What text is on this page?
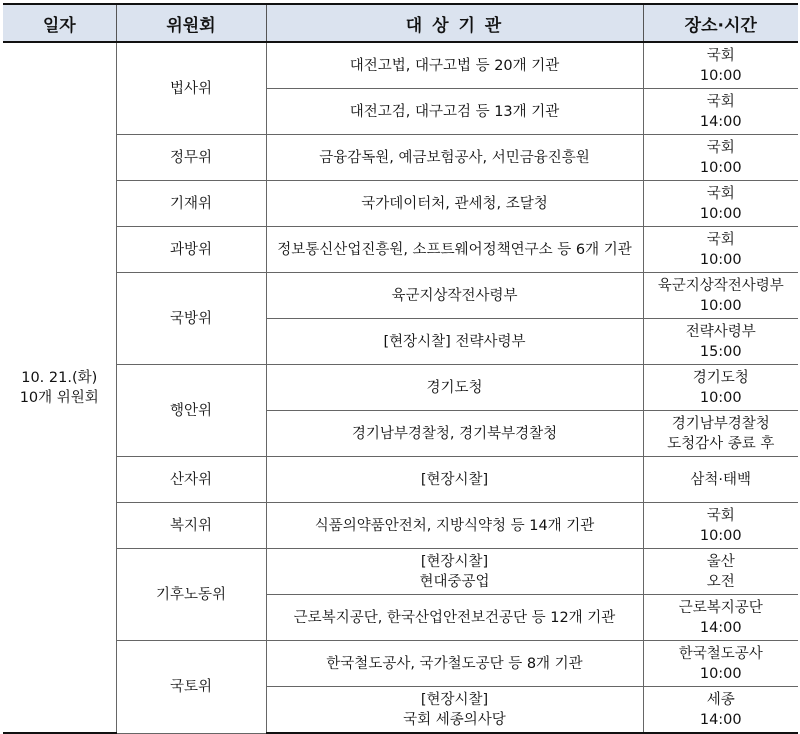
일자	위원회	대 상 기 관	장소·시간

10. 21.(화)
10개 위원회	법사위	대전고법, 대구고법 등 20개 기관	국회
10:00

		대전고검, 대구고검 등 13개 기관	국회
14:00

	정무위	금융감독원, 예금보험공사, 서민금융진흥원	국회
10:00

	기재위	국가데이터처, 관세청, 조달청	국회
10:00

	과방위	정보통신산업진흥원, 소프트웨어정책연구소 등 6개 기관	국회
10:00

	국방위	육군지상작전사령부	육군지상작전사령부
10:00

		[현장시찰] 전략사령부	전략사령부
15:00

	행안위	경기도청	경기도청
10:00

		경기남부경찰청, 경기북부경찰청	경기남부경찰청
도청감사 종료 후

	산자위	[현장시찰]	삼척·태백

	복지위	식품의약품안전처, 지방식약청 등 14개 기관	국회
10:00

	기후노동위	[현장시찰]
현대중공업	울산
오전

		근로복지공단, 한국산업안전보건공단 등 12개 기관	근로복지공단
14:00

	국토위	한국철도공사, 국가철도공단 등 8개 기관	한국철도공사
10:00

		[현장시찰]
국회 세종의사당	세종
14:00
